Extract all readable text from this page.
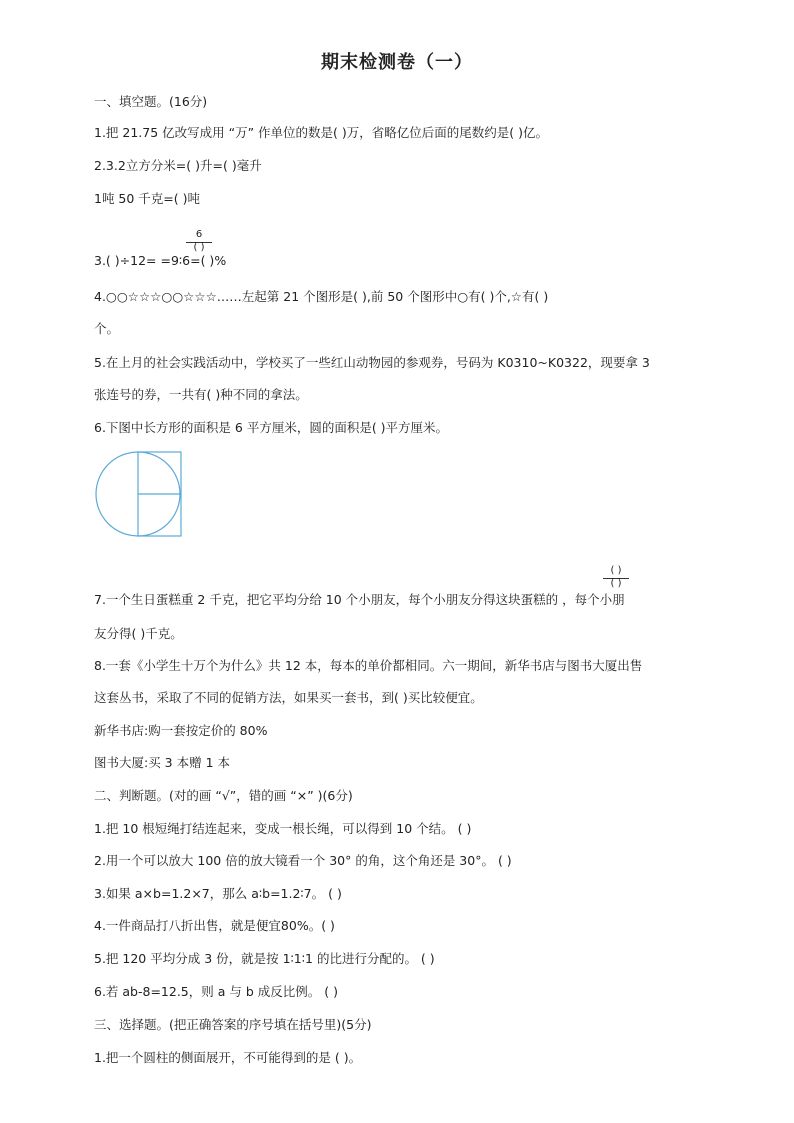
期末检测卷（一）
一、填空题。(16分)
1.把 21.75 亿改写成用 “万” 作单位的数是( )万，省略亿位后面的尾数约是( )亿。
2.3.2立方分米=( )升=( )毫升
1吨 50 千克=( )吨
6
( )
3.( )÷12= =9∶6=( )%
4.○○☆☆☆○○☆☆☆……左起第 21 个图形是( ),前 50 个图形中○有( )个,☆有( )
个。
5.在上月的社会实践活动中，学校买了一些红山动物园的参观券，号码为 K0310~K0322，现要拿 3
张连号的券，一共有( )种不同的拿法。
6.下图中长方形的面积是 6 平方厘米，圆的面积是( )平方厘米。
( )
( )
7.一个生日蛋糕重 2 千克，把它平均分给 10 个小朋友，每个小朋友分得这块蛋糕的 ，每个小朋
友分得( )千克。
8.一套《小学生十万个为什么》共 12 本，每本的单价都相同。六一期间，新华书店与图书大厦出售
这套丛书，采取了不同的促销方法，如果买一套书，到( )买比较便宜。
新华书店:购一套按定价的 80%
图书大厦:买 3 本赠 1 本
二、判断题。(对的画 “√”，错的画 “×” )(6分)
1.把 10 根短绳打结连起来，变成一根长绳，可以得到 10 个结。 ( )
2.用一个可以放大 100 倍的放大镜看一个 30° 的角，这个角还是 30°。 ( )
3.如果 a×b=1.2×7，那么 a∶b=1.2∶7。 ( )
4.一件商品打八折出售，就是便宜80%。( )
5.把 120 平均分成 3 份，就是按 1∶1∶1 的比进行分配的。 ( )
6.若 ab-8=12.5，则 a 与 b 成反比例。 ( )
三、选择题。(把正确答案的序号填在括号里)(5分)
1.把一个圆柱的侧面展开，不可能得到的是 ( )。
